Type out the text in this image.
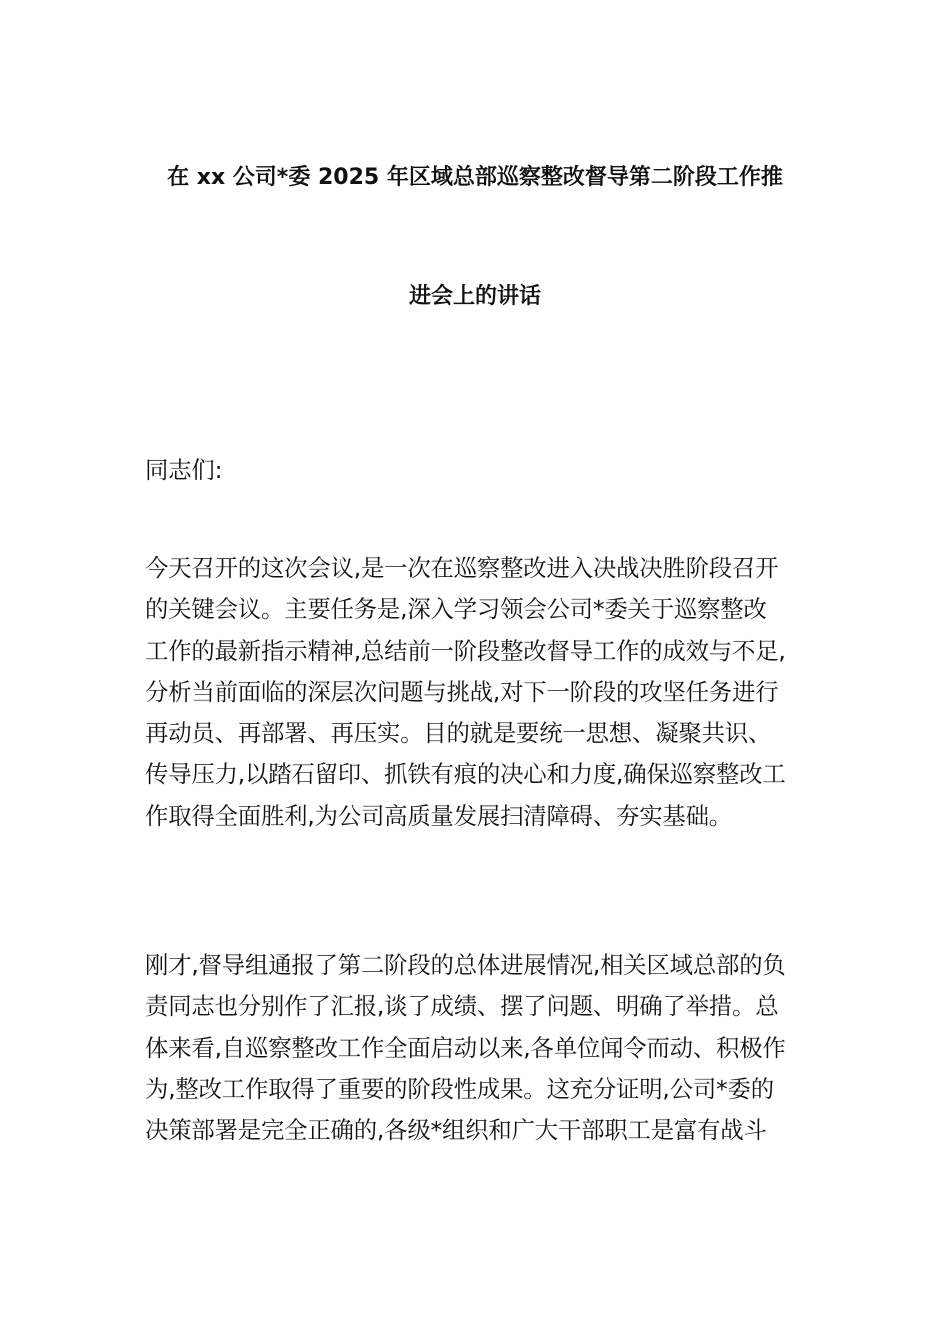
在 xx 公司*委 2025 年区域总部巡察整改督导第二阶段工作推
进会上的讲话

同志们:

今天召开的这次会议,是一次在巡察整改进入决战决胜阶段召开
的关键会议。主要任务是,深入学习领会公司*委关于巡察整改
工作的最新指示精神,总结前一阶段整改督导工作的成效与不足,
分析当前面临的深层次问题与挑战,对下一阶段的攻坚任务进行
再动员、再部署、再压实。目的就是要统一思想、凝聚共识、
传导压力,以踏石留印、抓铁有痕的决心和力度,确保巡察整改工
作取得全面胜利,为公司高质量发展扫清障碍、夯实基础。

刚才,督导组通报了第二阶段的总体进展情况,相关区域总部的负
责同志也分别作了汇报,谈了成绩、摆了问题、明确了举措。总
体来看,自巡察整改工作全面启动以来,各单位闻令而动、积极作
为,整改工作取得了重要的阶段性成果。这充分证明,公司*委的
决策部署是完全正确的,各级*组织和广大干部职工是富有战斗
